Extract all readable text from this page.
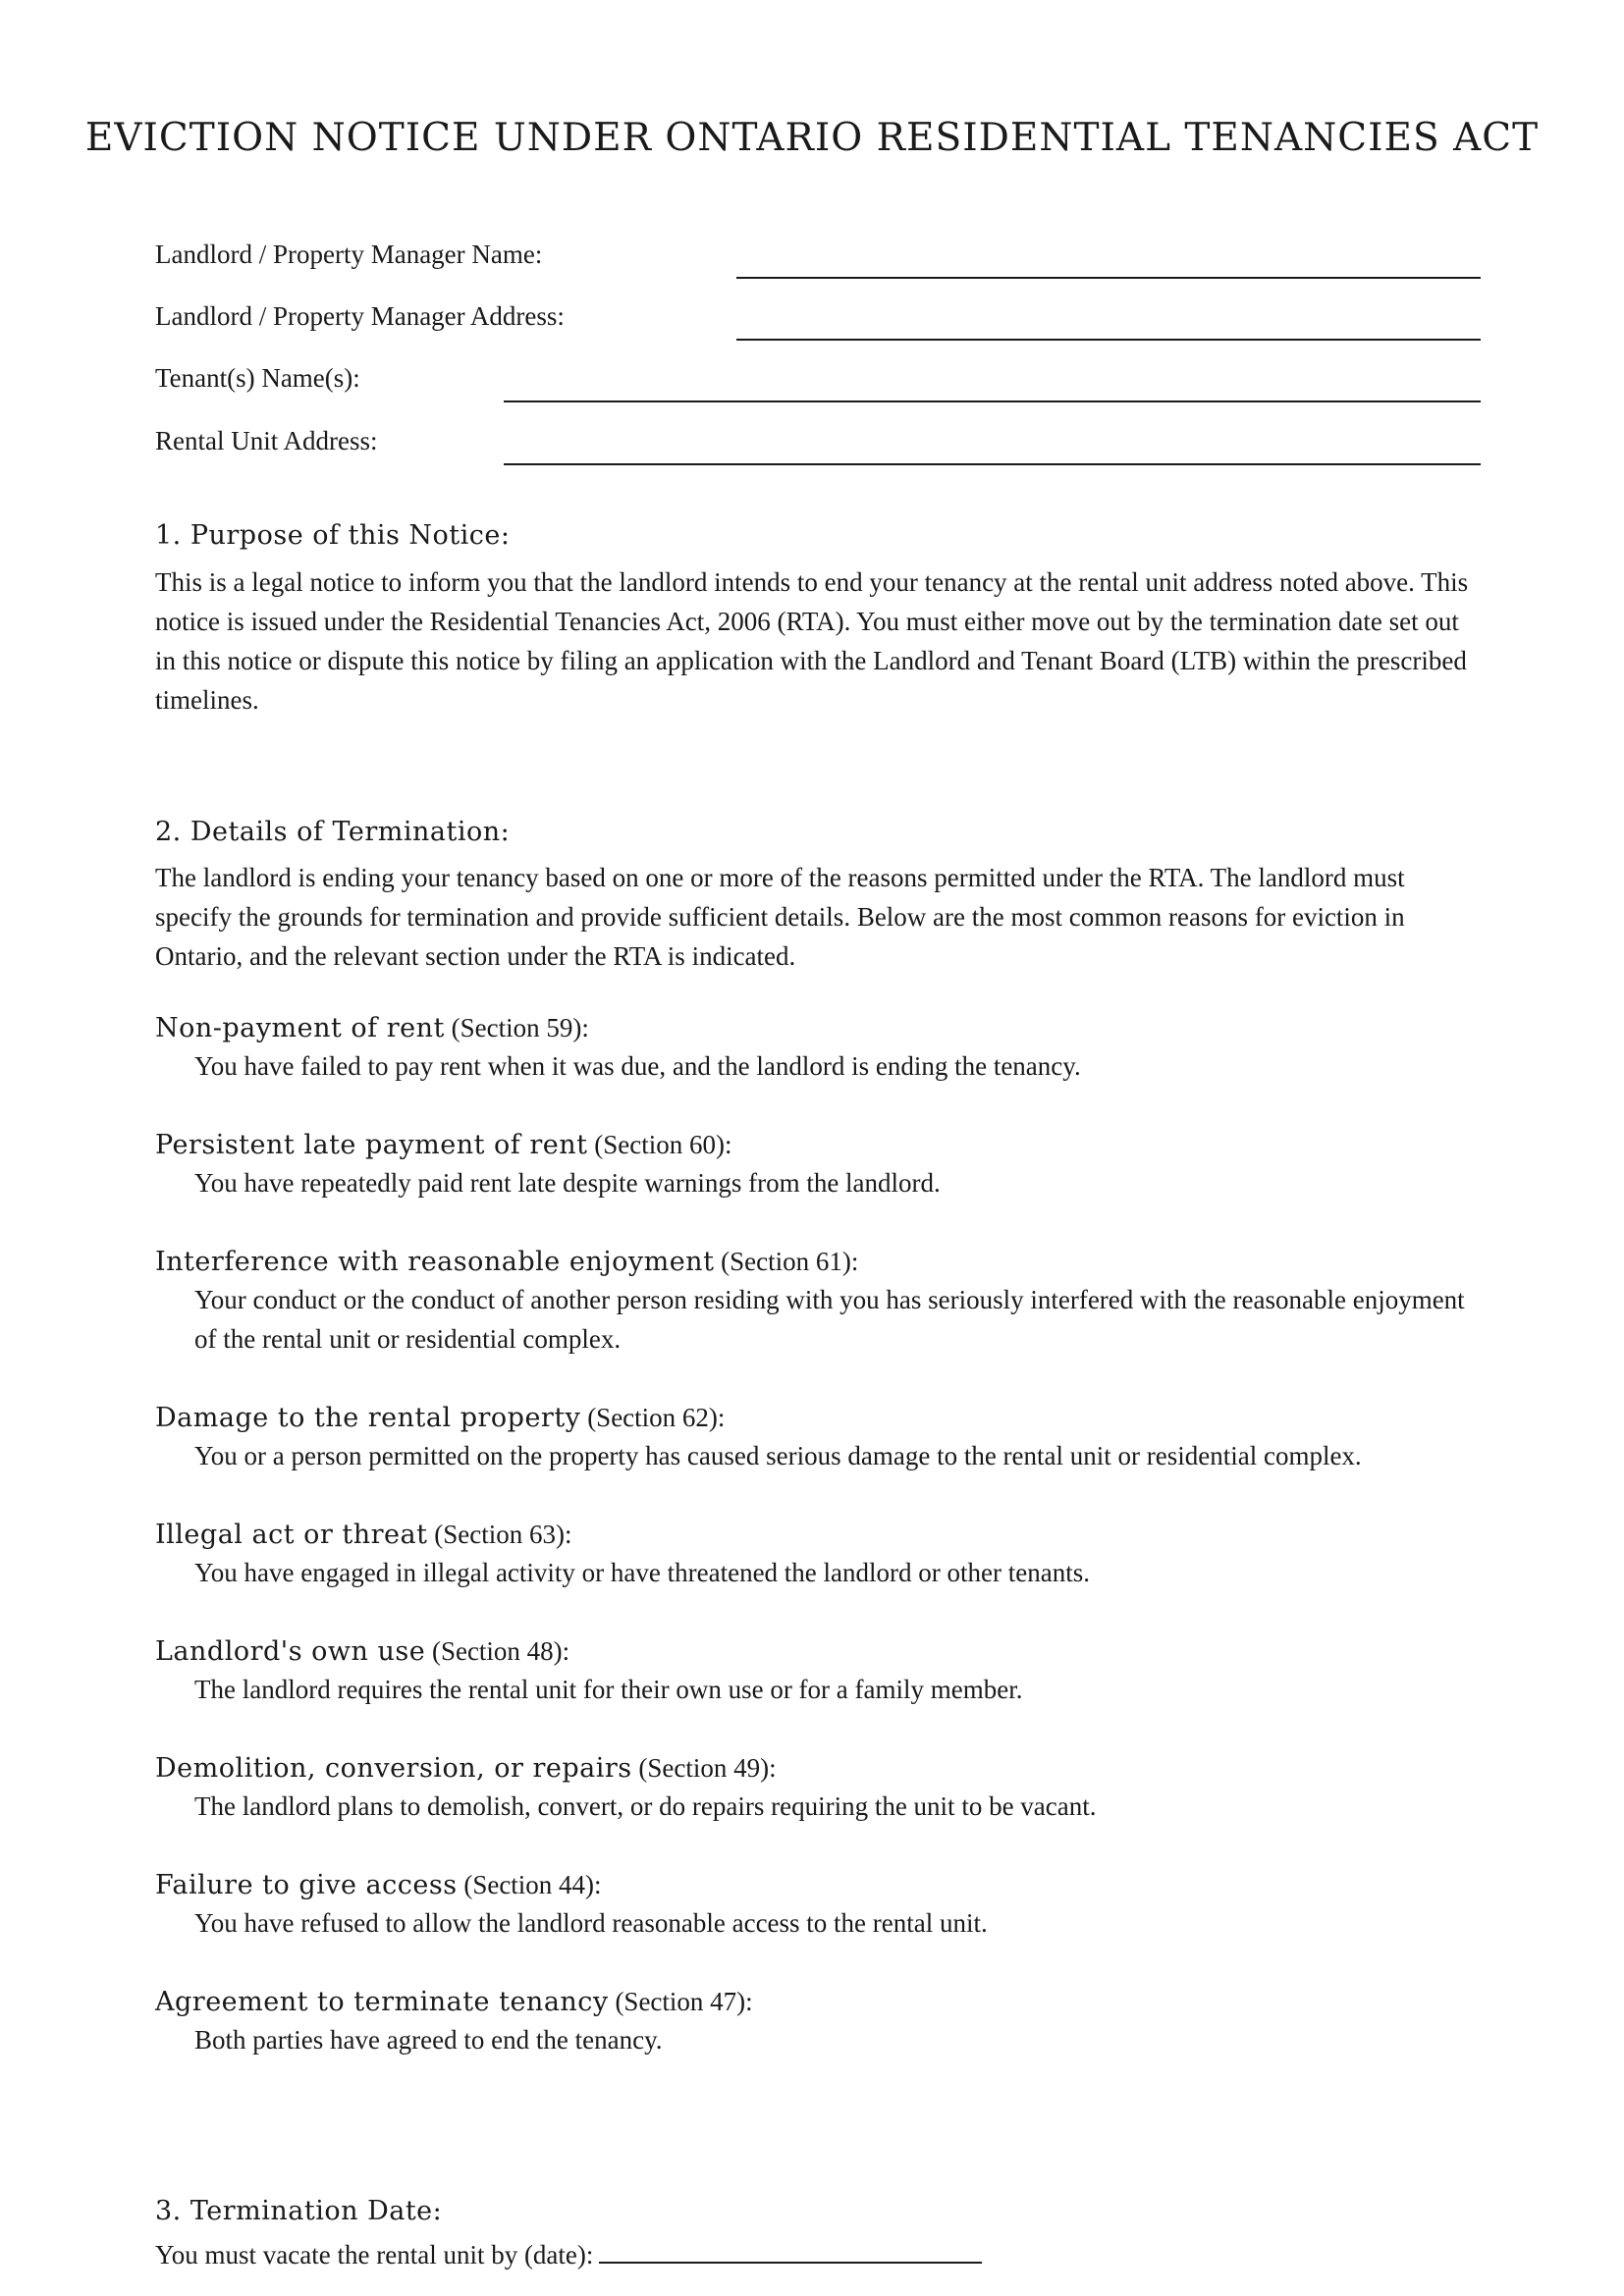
EVICTION NOTICE UNDER ONTARIO RESIDENTIAL TENANCIES ACT
Landlord / Property Manager Name:
Landlord / Property Manager Address:
Tenant(s) Name(s):
Rental Unit Address:
1. Purpose of this Notice:

This is a legal notice to inform you that the landlord intends to end your tenancy at the rental unit address noted above. This notice is issued under the Residential Tenancies Act, 2006 (RTA). You must either move out by the termination date set out in this notice or dispute this notice by filing an application with the Landlord and Tenant Board (LTB) within the prescribed timelines.

2. Details of Termination:

The landlord is ending your tenancy based on one or more of the reasons permitted under the RTA. The landlord must specify the grounds for termination and provide sufficient details. Below are the most common reasons for eviction in Ontario, and the relevant section under the RTA is indicated.

Non-payment of rent (Section 59):

You have failed to pay rent when it was due, and the landlord is ending the tenancy.

Persistent late payment of rent (Section 60):

You have repeatedly paid rent late despite warnings from the landlord.

Interference with reasonable enjoyment (Section 61):

Your conduct or the conduct of another person residing with you has seriously interfered with the reasonable enjoyment of the rental unit or residential complex.

Damage to the rental property (Section 62):

You or a person permitted on the property has caused serious damage to the rental unit or residential complex.

Illegal act or threat (Section 63):

You have engaged in illegal activity or have threatened the landlord or other tenants.

Landlord's own use (Section 48):

The landlord requires the rental unit for their own use or for a family member.

Demolition, conversion, or repairs (Section 49):

The landlord plans to demolish, convert, or do repairs requiring the unit to be vacant.

Failure to give access (Section 44):

You have refused to allow the landlord reasonable access to the rental unit.

Agreement to terminate tenancy (Section 47):

Both parties have agreed to end the tenancy.

3. Termination Date:
You must vacate the rental unit by (date):
